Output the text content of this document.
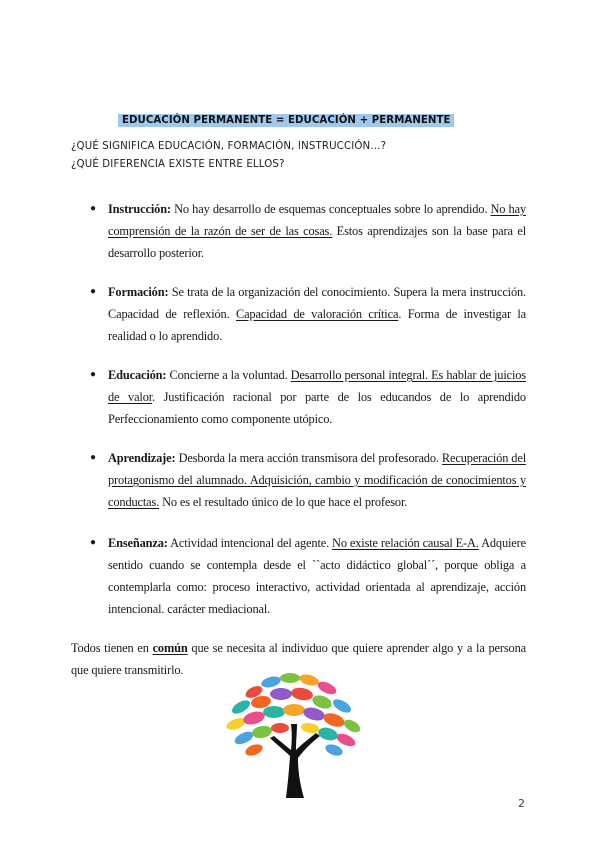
EDUCACIÓN PERMANENTE = EDUCACIÓN + PERMANENTE
¿QUÉ SIGNIFICA EDUCACIÓN, FORMACIÓN, INSTRUCCIÓN…?
¿QUÉ DIFERENCIA EXISTE ENTRE ELLOS?
● Instrucción: No hay desarrollo de esquemas conceptuales sobre lo aprendido. No hay comprensión de la razón de ser de las cosas. Estos aprendizajes son la base para el desarrollo posterior.
● Formación: Se trata de la organización del conocimiento. Supera la mera instrucción. Capacidad de reflexión. Capacidad de valoración crítica. Forma de investigar la realidad o lo aprendido.
● Educación: Concierne a la voluntad. Desarrollo personal integral. Es hablar de juicios de valor. Justificación racional por parte de los educandos de lo aprendido Perfeccionamiento como componente utópico.
● Aprendizaje: Desborda la mera acción transmisora del profesorado. Recuperación del protagonismo del alumnado. Adquisición, cambio y modificación de conocimientos y conductas. No es el resultado único de lo que hace el profesor.
● Enseñanza: Actividad intencional del agente. No existe relación causal E-A. Adquiere sentido cuando se contempla desde el ``acto didáctico global´´, porque obliga a contemplarla como: proceso interactivo, actividad orientada al aprendizaje, acción intencional. carácter mediacional.
Todos tienen en común que se necesita al individuo que quiere aprender algo y a la persona que quiere transmitirlo.
2
